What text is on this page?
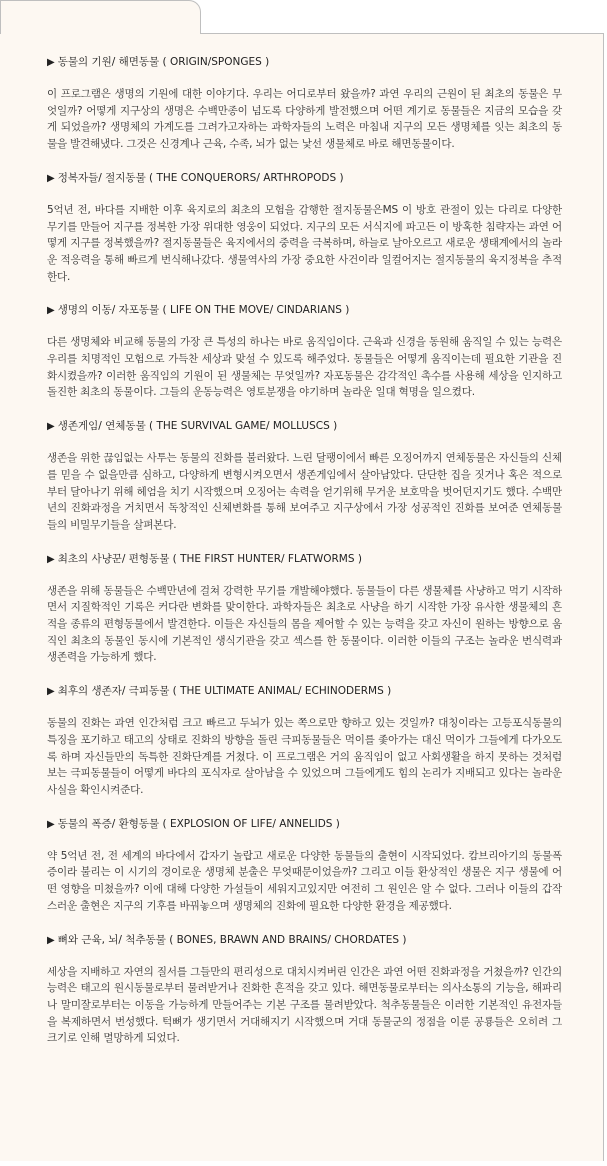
▶ 동물의 기원/ 해면동물 ( ORIGIN/SPONGES )

이 프로그램은 생명의 기원에 대한 이야기다. 우리는 어디로부터 왔을까? 과연 우리의 근원이 된 최초의 동물은 무엇일까? 어떻게 지구상의 생명은 수백만종이 넘도록 다양하게 발전했으며 어떤 계기로 동물들은 지금의 모습을 갖게 되었을까? 생명체의 가계도를 그려가고자하는 과학자들의 노력은 마침내 지구의 모든 생명체를 잇는 최초의 동물을 발견해냈다. 그것은 신경계나 근육, 수족, 뇌가 없는 낯선 생물체로 바로 해면동물이다.

▶ 정복자들/ 절지동물 ( THE CONQUERORS/ ARTHROPODS )

5억년 전, 바다를 지배한 이후 육지로의 최초의 모험을 감행한 절지동물은MS 이 방호 관절이 있는 다리로 다양한 무기를 만들어 지구를 정복한 가장 위대한 영웅이 되었다. 지구의 모든 서식지에 파고든 이 방혹한 침략자는 과연 어떻게 지구를 정복했을까? 절지동물들은 육지에서의 중력을 극복하며, 하늘로 날아오르고 새로운 생태계에서의 놀라운 적응력을 통해 빠르게 번식해나갔다. 생물역사의 가장 중요한 사건이라 일컬어지는 절지동물의 육지정복을 추적한다.

▶ 생명의 이동/ 자포동물 ( LIFE ON THE MOVE/ CINDARIANS )

다른 생명체와 비교해 동물의 가장 큰 특성의 하나는 바로 움직임이다. 근육과 신경을 동원해 움직일 수 있는 능력은 우리를 치명적인 모험으로 가득찬 세상과 맞설 수 있도록 해주었다. 동물들은 어떻게 움직이는데 필요한 기관을 진화시켰을까? 이러한 움직임의 기원이 된 생물체는 무엇일까? 자포동물은 감각적인 촉수를 사용해 세상을 인지하고 돌진한 최초의 동물이다. 그들의 운동능력은 영토분쟁을 야기하며 놀라운 일대 혁명을 일으켰다.

▶ 생존게임/ 연체동물 ( THE SURVIVAL GAME/ MOLLUSCS )

생존을 위한 끊임없는 사투는 동물의 진화를 불러왔다. 느린 달팽이에서 빠른 오징어까지 연체동물은 자신들의 신체를 믿을 수 없을만큼 심하고, 다양하게 변형시켜오면서 생존게임에서 살아남았다. 단단한 집을 짓거나 혹은 적으로부터 달아나기 위해 헤엄을 치기 시작했으며 오징어는 속력을 얻기위해 무거운 보호막을 벗어던지기도 했다. 수백만년의 진화과정을 거치면서 독창적인 신체변화를 통해 보여주고 지구상에서 가장 성공적인 진화를 보여준 연체동물들의 비밀무기들을 살펴본다.

▶ 최초의 사냥꾼/ 편형동물 ( THE FIRST HUNTER/ FLATWORMS )

생존을 위해 동물들은 수백만년에 걸쳐 강력한 무기를 개발해야했다. 동물들이 다른 생물체를 사냥하고 먹기 시작하면서 지질학적인 기록은 커다란 변화를 맞이한다. 과학자들은 최초로 사냥을 하기 시작한 가장 유사한 생물체의 흔적을 종류의 편형동물에서 발견한다. 이들은 자신들의 몸을 제어할 수 있는 능력을 갖고 자신이 원하는 방향으로 움직인 최초의 동물인 동시에 기본적인 생식기관을 갖고 섹스를 한 동물이다. 이러한 이들의 구조는 놀라운 번식력과 생존력을 가능하게 했다.

▶ 최후의 생존자/ 극피동물 ( THE ULTIMATE ANIMAL/ ECHINODERMS )

동물의 진화는 과연 인간처럼 크고 빠르고 두뇌가 있는 쪽으로만 향하고 있는 것일까? 대칭이라는 고등포식동물의 특징을 포기하고 태고의 상태로 진화의 방향을 돌린 극피동물들은 먹이를 좇아가는 대신 먹이가 그들에게 다가오도록 하며 자신들만의 독특한 진화단계를 거쳤다. 이 프로그램은 거의 움직임이 없고 사회생활을 하지 못하는 것처럼 보는 극피동물들이 어떻게 바다의 포식자로 살아남을 수 있었으며 그들에게도 힘의 논리가 지배되고 있다는 놀라운 사실을 확인시켜준다.

▶ 동물의 폭증/ 환형동물 ( EXPLOSION OF LIFE/ ANNELIDS )

약 5억년 전, 전 세계의 바다에서 갑자기 놀랍고 새로운 다양한 동물들의 출현이 시작되었다. 캄브리아기의 동물폭증이라 불리는 이 시기의 경이로운 생명체 분출은 무엇때문이었을까? 그리고 이들 환상적인 생물은 지구 생물에 어떤 영향을 미쳤을까? 이에 대해 다양한 가설들이 세워지고있지만 여전히 그 원인은 알 수 없다. 그러나 이들의 갑작스러운 출현은 지구의 기후를 바꿔놓으며 생명체의 진화에 필요한 다양한 환경을 제공했다.

▶ 뼈와 근육, 뇌/ 척추동물 ( BONES, BRAWN AND BRAINS/ CHORDATES )

세상을 지배하고 자연의 질서를 그들만의 편리성으로 대치시켜버린 인간은 과연 어떤 진화과정을 거쳤을까? 인간의 능력은 태고의 원시동물로부터 물려받거나 진화한 흔적을 갖고 있다. 해면동물로부터는 의사소통의 기능을, 해파리나 말미잘로부터는 이동을 가능하게 만들어주는 기본 구조를 물려받았다. 척추동물들은 이러한 기본적인 유전자들을 복제하면서 번성했다. 턱뼈가 생기면서 거대해지기 시작했으며 거대 동물군의 정점을 이룬 공룡들은 오히려 그 크기로 인해 멸망하게 되었다.
